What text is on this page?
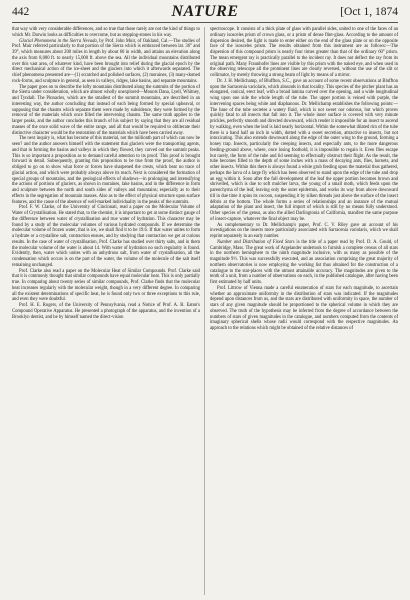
442	NATURE	[Oct 1, 1874

that way with very considerable differences, and so true that those rarely are not the kind of things to which Mr. Darwin looks as difficulties to overcome, but as stepping-stones in his way.

Glacial Phenomena in the Sierra Nevada, by Prof. John Muir, of Oakland, Cal.—The studies of Prof. Muir referred particularly to that portion of the Sierra which is embraced between lat. 36° and 39°, which measures about 200 miles in length by about 60 in width, and attains an elevation along the axis from 8,000 ft. to nearly 15,000 ft. above the sea. All the individual mountains distributed over this vast area, of whatever kind, have been brought into relief during the glacial epoch by the direct mechanical action of the ice-sheet and the glaciers into which it afterwards separated. The chief phenomena presented are—(1) scratched and polished surfaces, (2) moraines, (3) many-domed rock-forms, and sculpture in general, as seen in valleys, ridges, lake basins, and separate mountains.

The paper goes on to describe the lofty mountains distributed along the summits of the portion of the Sierra under consideration, which are almost wholly unexplored—Mounts Dana, Lyell, Whitney, and Tyndall. The Pinnacles, which are the smallest of the summit mountains, are described in an interesting way, the author concluding that instead of each being formed by special upheaval, or supposing that the chasms which separate them were made by subsidence, they were formed by the removal of the materials which once filled the intervening chasms. The same truth applies to the larger peaks, and the author concludes this branch of his subject by saying that they are all residual masses of the once solid wave of the entire range, and all that would be required to obliterate their distinctive character would be the restoration of the materials which have been carried away.

The next inquiry is, what has become of this material, not the millionth part of which can now be seen? and the author answers himself with the statement that glaciers were the transporting agents, and that in forming the basins and valleys in which they flowed, they carved out the summit peaks. This is so important a proposition as to demand careful attention to its proof. This proof is brought forward in detail. Subsequently, granting this proposition to be true from the proof, the author is obliged to go on to show what force or forces have sharpened the crests, which bear no trace of glacial action, and which were probably always above its reach. Next is considered the formation of special groups of mountains, and the geological effects of shadows—in prolonging and intensifying the actions of portions of glaciers, as shown in moraines, lake basins, and in the difference in form and sculpture between the north and south sides of valleys and mountains; especially as to their effects in the segregation of mountain masses. Also as to the effect of physical structure upon surface features, and the cause of the absence of well-marked individuality in the peaks of the summits.

Prof. F. W. Clarke, of the University of Cincinnati, read a paper on the Molecular Volume of Water of Crystallisation. He stated that, to the chemist, it is important to get at some distinct gauge of the difference between water of crystallisation and true water of hydration. This character may be found by a study of the molecular volumes of various hydrated compounds. If we determine the molecular volume of frozen water, that is ice, we shall find it to be 19.6. If that water unites to form a hydrate or a crystalline salt, contraction ensues, and by studying that contraction we get at curious results. In the case of water of crystallisation, Prof. Clarke has studied over thirty salts, and in them the molecular volume of the water is about 14. With water of hydration no such regularity is found. Evidently, then, water which unites with an anhydrous salt, from water of crystallisation, all the condensation which occurs is on the part of the water, the volume of the molecule of the salt itself remaining unchanged.

Prof. Clarke also read a paper on the Molecular Heat of Similar Compounds. Prof. Clarke said that it is commonly thought that similar compounds have equal molecular heat. This is only partially true. In comparing about twenty series of similar compounds, Prof. Clarke finds that the molecular heat increases regularly with the molecular weight, though in a very different degree. In comparing all the existent determinations of specific heat, he is found only two or three exceptions to this rule, and even they were doubtful.

Prof. H. E. Rogers, of the University of Pennsylvania, read a Notice of Prof. A. R. Eaton's Compound Operative Apparatus. He presented a photograph of the apparatus, and the invention of a Brooklyn dentist, and he by himself named the direct-vision

spectroscope. It consists of a thick plate of glass with parallel sides, united to one of the faces of an ordinary isosceles prism of crown glass, or a prism of dense flint-glass. According to the amount of dispersion desired, the light is made to enter either on the end of the glass plate or on the opposite face of the isosceles prism. The results obtained from this instrument are as follows:—The dispersion of this compound prism is nearly four times greater than that of the ordinary 60° prism. The mean emergent ray is practically parallel to the incident ray. It does not deflect the ray from its original path. Many Fraunhofer lines are visible by this prism with the naked eye, and when used in the observing telescope all the prominent lines are clearly reversed, without the use of the slit or collimator, by merely throwing a strong beam of light by means of a mirror.

Dr. J. H. Mellichamp, of Bluffton, S.C., gave an account of some recent observations at Bluffton upon the Sarracenia variolaris, which abounds in that locality. This species of the pitcher plant has an elongated, conical, erect leaf, with a broad lamina curved over the opening, and a wide longitudinal wing upon one side the whole length of the tube. The upper portion is veined with purple, the intervening spaces being white and diaphanous. Dr. Mellichamp establishes the following points:—The base of the tube secretes a watery fluid, which is not sweet nor odorous, but which proves quickly fatal to all insects that fall into it. The whole inner surface is covered with very minute prickles, perfectly smooth and directed downward, which render it impossible for an insect to ascend by walking, even when the leaf is laid nearly horizontal. Within the somewhat dilated rim of the tube there is a band half an inch in width, dotted with a sweet secretion, attractive to insects, but not intoxicating. This also extends downward along the edge of the outer wing to the ground, forming a honey trap. Insects, particularly the creeping insects, and especially ants, to the more dangerous feeding-ground above, where, once losing foothold, it is impossible to regain it. Even flies escape but rarely, the form of the tube and lid seeming to effectually obstruct their flight. As the result, the tube becomes filled to the depth of some inches with a mass of decaying ants, flies, hornets, and other insects. Within this there is always found a white grub feeding upon the material thus gathered, perhaps the larva of a large fly which has been observed to stand upon the edge of the tube and drop an egg within it. Soon after the full development of the leaf the upper portion becomes brown and shrivelled, which is due to soft mulcher larva, the young of a small moth, which feeds upon the parenchyma of the leaf, leaving only the outer epidermis, and works its way from above downward till in due time it spins its cocoon, suspending it by silken threads just above the surface of the insect débris at the bottom. The whole forms a series of relationships and an instance of the mutual adaptation of the plant and insect, the full import of which is still by no means fully understood. Other species of the genus, as also the allied Darlingtonia of California, manifest the same purpose of insect-capture, whatever the final object may be.

As complementary to Dr. Mellichamp's paper, Prof. C. V. Riley gave an account of his investigations on the insects more particularly associated with Sarracenia variolaris, which we shall reprint separately in an early number.

Number and Distribution of Fixed Stars is the title of a paper read by Prof. D. A. Gould, of Cambridge, Mass. The great work of Argelander undertook to furnish a complete census of all stars in the northern hemisphere to the ninth magnitude inclusive, with as many as possible of the magnitude 9½. This was successfully executed, and an association comprising the great majority of northern observatories is now employing the working list thus obtained for the construction of a catalogue to the star-places with the utmost attainable accuracy. The magnitudes are given to the tenth of a unit, from a number of observations on each, in the published catalogue, after having been first estimated by half units.

Prof. Littrow of Vienna made a careful enumeration of stars for each magnitude, to ascertain whether an approximate uniformity in the distribution of stars was indicated. If the magnitudes depend upon distances from us, and the stars are distributed with uniformity in space, the number of stars of any given magnitude should be proportioned to the spherical volume in which they are observed. The truth of the hypothesis may be inferred from the degree of accordance between the numbers of stars of given magnitudes in the catalogue, and numbers computed from the contents of imaginary spherical shells whose radii would correspond with the respective magnitudes. An approach to the relations which might be obtained of the relative distances of
